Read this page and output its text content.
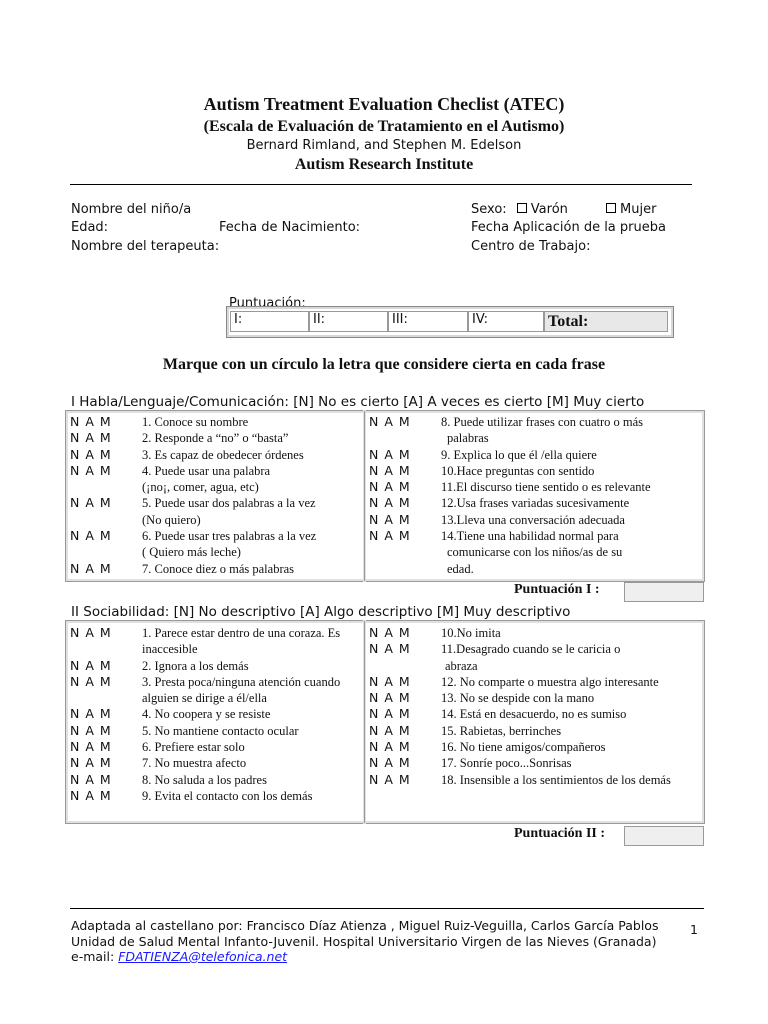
Autism Treatment Evaluation Checlist (ATEC)
(Escala de Evaluación de Tratamiento en el Autismo)
Bernard Rimland, and Stephen M. Edelson
Autism Research Institute
Nombre del niño/a
Edad:	Fecha de Nacimiento:
Nombre del terapeuta:
Sexo: Varón	Mujer
Fecha Aplicación de la prueba
Centro de Trabajo:
Puntuación:
I:	II:	III:	IV:	Total:
Marque con un círculo la letra que considere cierta en cada frase
I Habla/Lenguaje/Comunicación: [N] No es cierto [A] A veces es cierto [M] Muy cierto
N A M	1. Conoce su nombre
N A M	2. Responde a “no” o “basta”
N A M	3. Es capaz de obedecer órdenes
N A M	4. Puede usar una palabra
(¡no¡, comer, agua, etc)
N A M	5. Puede usar dos palabras a la vez
(No quiero)
N A M	6. Puede usar tres palabras a la vez
( Quiero más leche)
N A M	7. Conoce diez o más palabras
N A M	8. Puede utilizar frases con cuatro o más
palabras
N A M	9. Explica lo que él /ella quiere
N A M	10.Hace preguntas con sentido
N A M	11.El discurso tiene sentido o es relevante
N A M	12.Usa frases variadas sucesivamente
N A M	13.Lleva una conversación adecuada
N A M	14.Tiene una habilidad normal para
comunicarse con los niños/as de su
edad.
Puntuación I :
II Sociabilidad: [N] No descriptivo [A] Algo descriptivo [M] Muy descriptivo
N A M	1. Parece estar dentro de una coraza. Es
inaccesible
N A M	2. Ignora a los demás
N A M	3. Presta poca/ninguna atención cuando
alguien se dirige a él/ella
N A M	4. No coopera y se resiste
N A M	5. No mantiene contacto ocular
N A M	6. Prefiere estar solo
N A M	7. No muestra afecto
N A M	8. No saluda a los padres
N A M	9. Evita el contacto con los demás
N A M	10.No imita
N A M	11.Desagrado cuando se le caricia o
abraza
N A M	12. No comparte o muestra algo interesante
N A M	13. No se despide con la mano
N A M	14. Está en desacuerdo, no es sumiso
N A M	15. Rabietas, berrinches
N A M	16. No tiene amigos/compañeros
N A M	17. Sonríe poco...Sonrisas
N A M	18. Insensible a los sentimientos de los demás
Puntuación II :
Adaptada al castellano por: Francisco Díaz Atienza , Miguel Ruiz-Veguilla, Carlos García Pablos
Unidad de Salud Mental Infanto-Juvenil. Hospital Universitario Virgen de las Nieves (Granada)
e-mail: FDATIENZA@telefonica.net
1
